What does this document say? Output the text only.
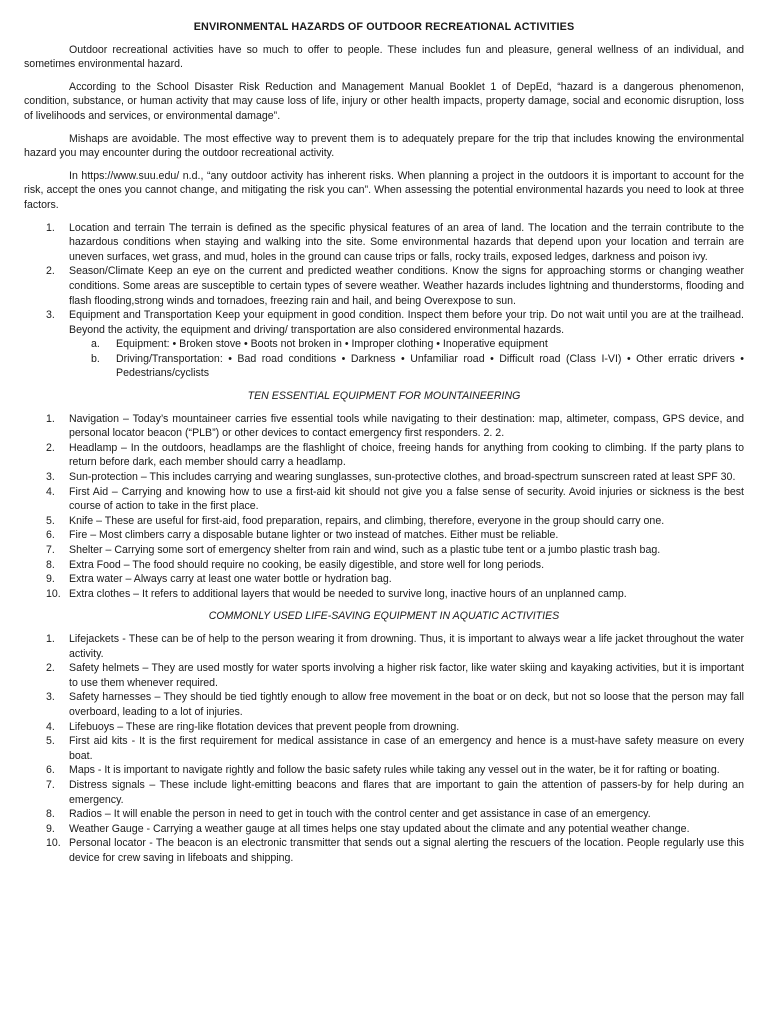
ENVIRONMENTAL HAZARDS OF OUTDOOR RECREATIONAL ACTIVITIES

Outdoor recreational activities have so much to offer to people. These includes fun and pleasure, general wellness of an individual, and sometimes environmental hazard.

According to the School Disaster Risk Reduction and Management Manual Booklet 1 of DepEd, “hazard is a dangerous phenomenon, condition, substance, or human activity that may cause loss of life, injury or other health impacts, property damage, social and economic disruption, loss of livelihoods and services, or environmental damage”.

Mishaps are avoidable. The most effective way to prevent them is to adequately prepare for the trip that includes knowing the environmental hazard you may encounter during the outdoor recreational activity.

In https://www.suu.edu/ n.d., “any outdoor activity has inherent risks. When planning a project in the outdoors it is important to account for the risk, accept the ones you cannot change, and mitigating the risk you can”. When assessing the potential environmental hazards you need to look at three factors.

1. Location and terrain The terrain is defined as the specific physical features of an area of land. The location and the terrain contribute to the hazardous conditions when staying and walking into the site. Some environmental hazards that depend upon your location and terrain are uneven surfaces, wet grass, and mud, holes in the ground can cause trips or falls, rocky trails, exposed ledges, darkness and poison ivy.
2. Season/Climate Keep an eye on the current and predicted weather conditions. Know the signs for approaching storms or changing weather conditions. Some areas are susceptible to certain types of severe weather. Weather hazards includes lightning and thunderstorms, flooding and flash flooding,strong winds and tornadoes, freezing rain and hail, and being Overexpose to sun.
3. Equipment and Transportation Keep your equipment in good condition. Inspect them before your trip. Do not wait until you are at the trailhead. Beyond the activity, the equipment and driving/ transportation are also considered environmental hazards.
a. Equipment: • Broken stove • Boots not broken in • Improper clothing • Inoperative equipment
b. Driving/Transportation: • Bad road conditions • Darkness • Unfamiliar road • Difficult road (Class I-VI) • Other erratic drivers • Pedestrians/cyclists
TEN ESSENTIAL EQUIPMENT FOR MOUNTAINEERING
1. Navigation – Today’s mountaineer carries five essential tools while navigating to their destination: map, altimeter, compass, GPS device, and personal locator beacon (“PLB”) or other devices to contact emergency first responders. 2. 2.
2. Headlamp – In the outdoors, headlamps are the flashlight of choice, freeing hands for anything from cooking to climbing. If the party plans to return before dark, each member should carry a headlamp.
3. Sun-protection – This includes carrying and wearing sunglasses, sun-protective clothes, and broad-spectrum sunscreen rated at least SPF 30.
4. First Aid – Carrying and knowing how to use a first-aid kit should not give you a false sense of security. Avoid injuries or sickness is the best course of action to take in the first place.
5. Knife – These are useful for first-aid, food preparation, repairs, and climbing, therefore, everyone in the group should carry one.
6. Fire – Most climbers carry a disposable butane lighter or two instead of matches. Either must be reliable.
7. Shelter – Carrying some sort of emergency shelter from rain and wind, such as a plastic tube tent or a jumbo plastic trash bag.
8. Extra Food – The food should require no cooking, be easily digestible, and store well for long periods.
9. Extra water – Always carry at least one water bottle or hydration bag.
10. Extra clothes – It refers to additional layers that would be needed to survive long, inactive hours of an unplanned camp.
COMMONLY USED LIFE-SAVING EQUIPMENT IN AQUATIC ACTIVITIES
1. Lifejackets - These can be of help to the person wearing it from drowning. Thus, it is important to always wear a life jacket throughout the water activity.
2. Safety helmets – They are used mostly for water sports involving a higher risk factor, like water skiing and kayaking activities, but it is important to use them whenever required.
3. Safety harnesses – They should be tied tightly enough to allow free movement in the boat or on deck, but not so loose that the person may fall overboard, leading to a lot of injuries.
4. Lifebuoys – These are ring-like flotation devices that prevent people from drowning.
5. First aid kits - It is the first requirement for medical assistance in case of an emergency and hence is a must-have safety measure on every boat.
6. Maps - It is important to navigate rightly and follow the basic safety rules while taking any vessel out in the water, be it for rafting or boating.
7. Distress signals – These include light-emitting beacons and flares that are important to gain the attention of passers-by for help during an emergency.
8. Radios – It will enable the person in need to get in touch with the control center and get assistance in case of an emergency.
9. Weather Gauge - Carrying a weather gauge at all times helps one stay updated about the climate and any potential weather change.
10. Personal locator - The beacon is an electronic transmitter that sends out a signal alerting the rescuers of the location. People regularly use this device for crew saving in lifeboats and shipping.
